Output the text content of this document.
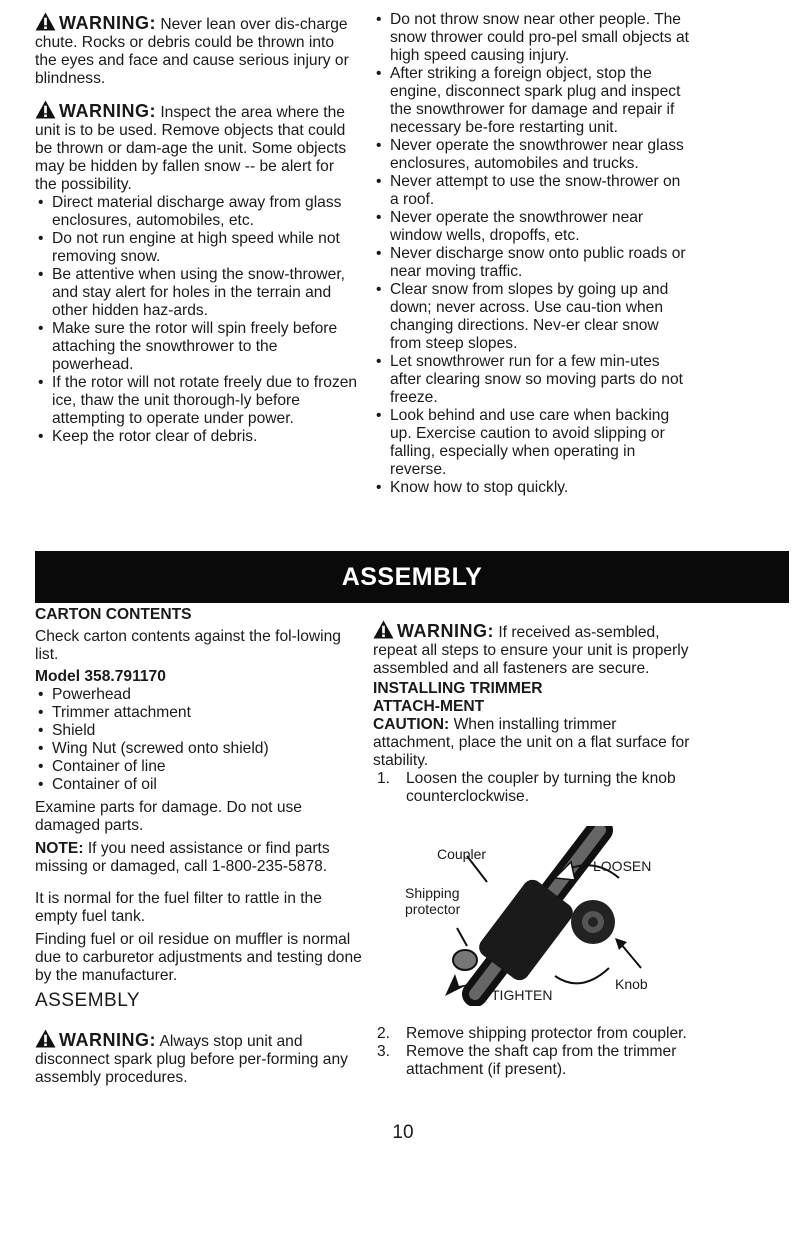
WARNING: Never lean over dis-charge chute. Rocks or debris could be thrown into the eyes and face and cause serious injury or blindness.

WARNING: Inspect the area where the unit is to be used. Remove objects that could be thrown or dam-age the unit. Some objects may be hidden by fallen snow -- be alert for the possibility.

• Direct material discharge away from glass enclosures, automobiles, etc.
• Do not run engine at high speed while not removing snow.
• Be attentive when using the snow-thrower, and stay alert for holes in the terrain and other hidden haz-ards.
• Make sure the rotor will spin freely before attaching the snowthrower to the powerhead.
• If the rotor will not rotate freely due to frozen ice, thaw the unit thorough-ly before attempting to operate under power.
• Keep the rotor clear of debris.
• Do not throw snow near other people. The snow thrower could pro-pel small objects at high speed causing injury.
• After striking a foreign object, stop the engine, disconnect spark plug and inspect the snowthrower for damage and repair if necessary be-fore restarting unit.
• Never operate the snowthrower near glass enclosures, automobiles and trucks.
• Never attempt to use the snow-thrower on a roof.
• Never operate the snowthrower near window wells, dropoffs, etc.
• Never discharge snow onto public roads or near moving traffic.
• Clear snow from slopes by going up and down; never across. Use cau-tion when changing directions. Nev-er clear snow from steep slopes.
• Let snowthrower run for a few min-utes after clearing snow so moving parts do not freeze.
• Look behind and use care when backing up. Exercise caution to avoid slipping or falling, especially when operating in reverse.
• Know how to stop quickly.
ASSEMBLY
CARTON CONTENTS

Check carton contents against the fol-lowing list.

Model 358.791170

• Powerhead
• Trimmer attachment
• Shield
• Wing Nut (screwed onto shield)
• Container of line
• Container of oil

Examine parts for damage. Do not use damaged parts.

NOTE: If you need assistance or find parts missing or damaged, call 1-800-235-5878.

It is normal for the fuel filter to rattle in the empty fuel tank.

Finding fuel or oil residue on muffler is normal due to carburetor adjustments and testing done by the manufacturer.

ASSEMBLY

WARNING: Always stop unit and disconnect spark plug before per-forming any assembly procedures.

WARNING: If received as-sembled, repeat all steps to ensure your unit is properly assembled and all fasteners are secure.

INSTALLING TRIMMER ATTACH-MENT

CAUTION: When installing trimmer attachment, place the unit on a flat surface for stability.

1. Loosen the coupler by turning the knob counterclockwise.
Coupler
Shipping
protector
LOOSEN
TIGHTEN
Knob
2. Remove shipping protector from coupler.
3. Remove the shaft cap from the trimmer attachment (if present).
10
